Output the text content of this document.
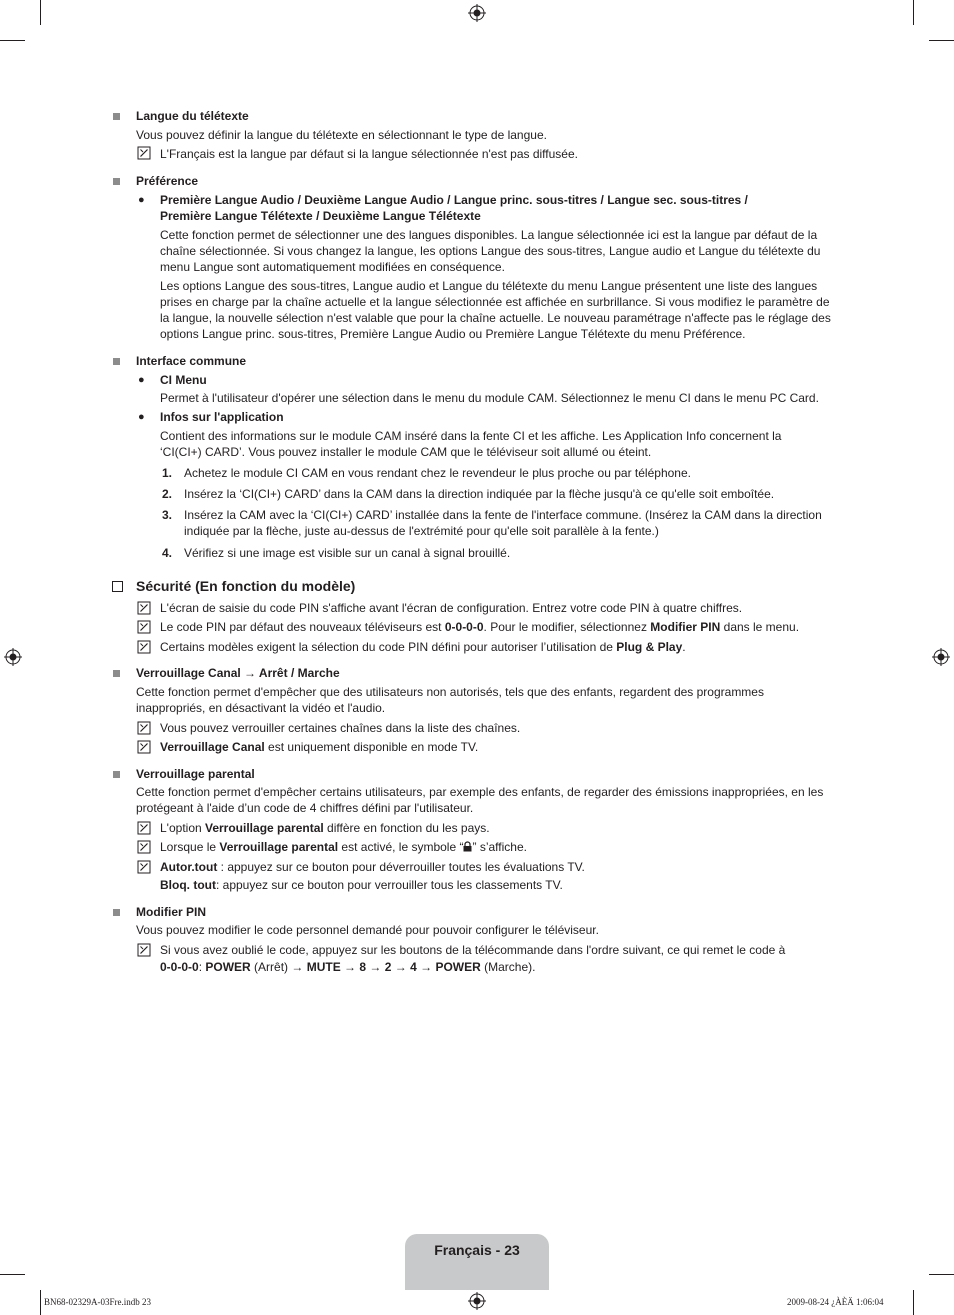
Langue du télétexte
Vous pouvez définir la langue du télétexte en sélectionnant le type de langue.
L'Français est la langue par défaut si la langue sélectionnée n'est pas diffusée.
Préférence
● Première Langue Audio / Deuxième Langue Audio / Langue princ. sous-titres / Langue sec. sous-titres /
Première Langue Télétexte / Deuxième Langue Télétexte
Cette fonction permet de sélectionner une des langues disponibles. La langue sélectionnée ici est la langue par défaut de la
chaîne sélectionnée. Si vous changez la langue, les options Langue des sous-titres, Langue audio et Langue du télétexte du
menu Langue sont automatiquement modifiées en conséquence.
Les options Langue des sous-titres, Langue audio et Langue du télétexte du menu Langue présentent une liste des langues
prises en charge par la chaîne actuelle et la langue sélectionnée est affichée en surbrillance. Si vous modifiez le paramètre de
la langue, la nouvelle sélection n'est valable que pour la chaîne actuelle. Le nouveau paramétrage n'affecte pas le réglage des
options Langue princ. sous-titres, Première Langue Audio ou Première Langue Télétexte du menu Préférence.
Interface commune
● CI Menu
Permet à l'utilisateur d'opérer une sélection dans le menu du module CAM. Sélectionnez le menu CI dans le menu PC Card.
● Infos sur l'application
Contient des informations sur le module CAM inséré dans la fente CI et les affiche. Les Application Info concernent la
‘CI(CI+) CARD’. Vous pouvez installer le module CAM que le téléviseur soit allumé ou éteint.
1. Achetez le module CI CAM en vous rendant chez le revendeur le plus proche ou par téléphone.
2. Insérez la ‘CI(CI+) CARD’ dans la CAM dans la direction indiquée par la flèche jusqu'à ce qu'elle soit emboîtée.
3. Insérez la CAM avec la ‘CI(CI+) CARD’ installée dans la fente de l'interface commune. (Insérez la CAM dans la direction
indiquée par la flèche, juste au-dessus de l'extrémité pour qu'elle soit parallèle à la fente.)
4. Vérifiez si une image est visible sur un canal à signal brouillé.
Sécurité (En fonction du modèle)
L'écran de saisie du code PIN s'affiche avant l'écran de configuration. Entrez votre code PIN à quatre chiffres.
Le code PIN par défaut des nouveaux téléviseurs est 0-0-0-0. Pour le modifier, sélectionnez Modifier PIN dans le menu.
Certains modèles exigent la sélection du code PIN défini pour autoriser l’utilisation de Plug & Play.
Verrouillage Canal → Arrêt / Marche
Cette fonction permet d'empêcher que des utilisateurs non autorisés, tels que des enfants, regardent des programmes
inappropriés, en désactivant la vidéo et l'audio.
Vous pouvez verrouiller certaines chaînes dans la liste des chaînes.
Verrouillage Canal est uniquement disponible en mode TV.
Verrouillage parental
Cette fonction permet d'empêcher certains utilisateurs, par exemple des enfants, de regarder des émissions inappropriées, en les
protégeant à l'aide d’un code de 4 chiffres défini par l'utilisateur.
L'option Verrouillage parental diffère en fonction du les pays.
Lorsque le Verrouillage parental est activé, le symbole “ ” s’affiche.
Autor.tout : appuyez sur ce bouton pour déverrouiller toutes les évaluations TV.
Bloq. tout: appuyez sur ce bouton pour verrouiller tous les classements TV.
Modifier PIN
Vous pouvez modifier le code personnel demandé pour pouvoir configurer le téléviseur.
Si vous avez oublié le code, appuyez sur les boutons de la télécommande dans l'ordre suivant, ce qui remet le code à
0-0-0-0: POWER (Arrêt) → MUTE → 8 → 2 → 4 → POWER (Marche).
Français - 23
BN68-02329A-03Fre.indb 23	2009-08-24 ¿ÀÈÄ 1:06:04
